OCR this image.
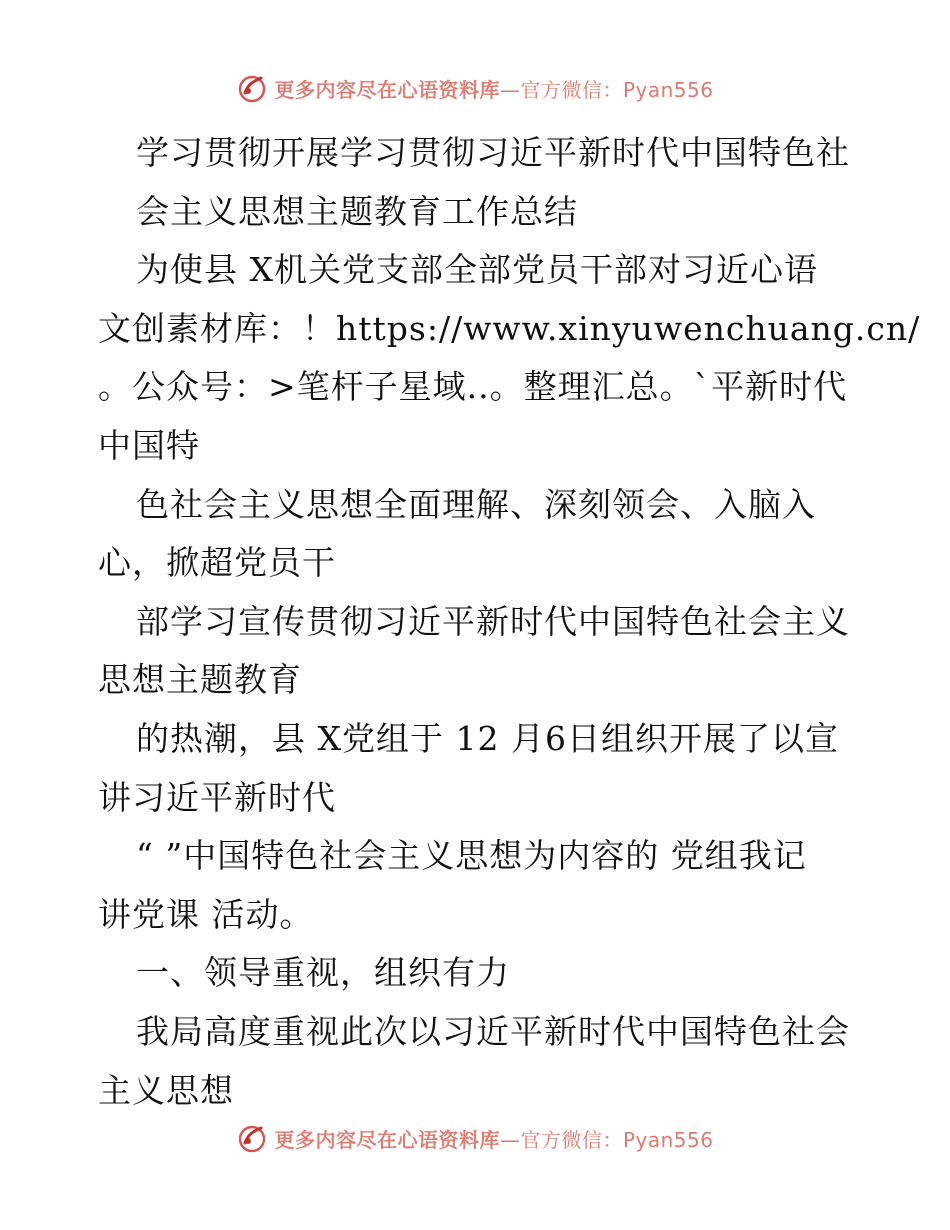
更多内容尽在心语资料库—官方微信：Pyan556
学习贯彻开展学习贯彻习近平新时代中国特色社
会主义思想主题教育工作总结
为使县 X机关党支部全部党员干部对习近心语
文创素材库：！https://www.xinyuwenchuang.cn/
。公众号：>笔杆子星域..。整理汇总。`平新时代
中国特
色社会主义思想全面理解、深刻领会、入脑入
心，掀超党员干
部学习宣传贯彻习近平新时代中国特色社会主义
思想主题教育
的热潮，县 X党组于 12 月6日组织开展了以宣
讲习近平新时代
“ ”中国特色社会主义思想为内容的 党组我记
讲党课 活动。
一、领导重视，组织有力
我局高度重视此次以习近平新时代中国特色社会
主义思想
更多内容尽在心语资料库—官方微信：Pyan556
